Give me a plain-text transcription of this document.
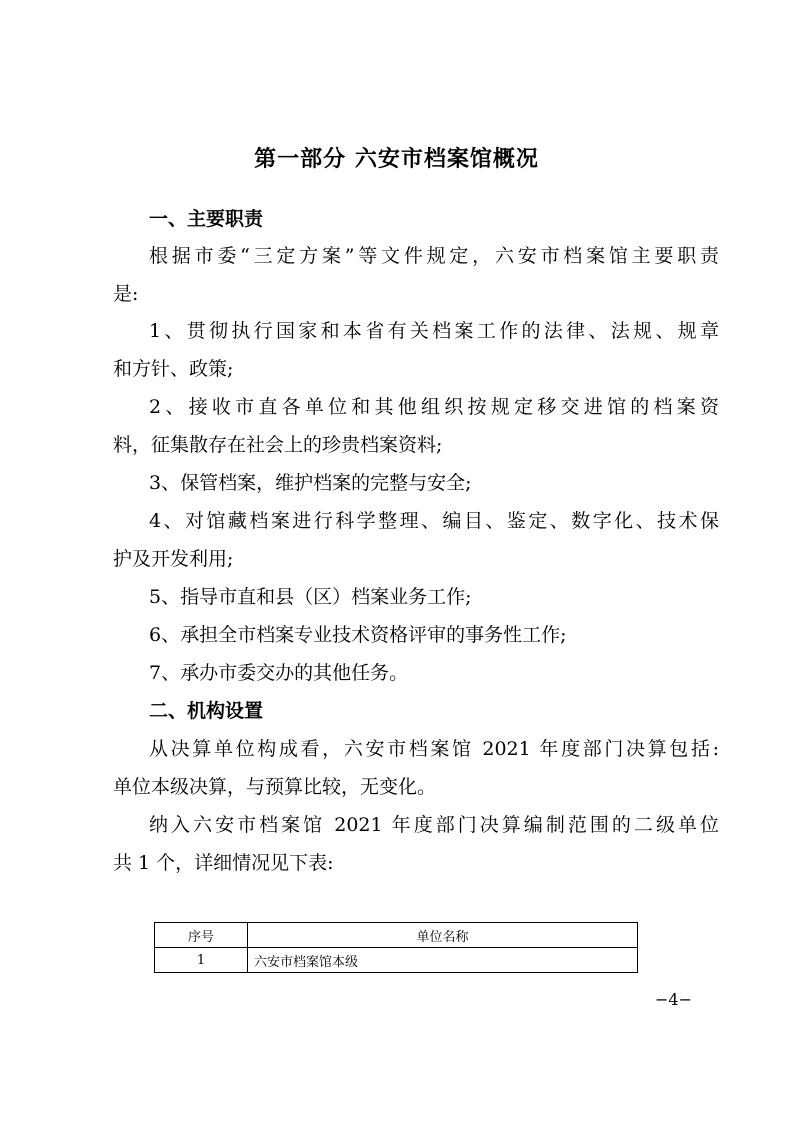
第一部分 六安市档案馆概况
一、主要职责
根据市委“三定方案”等文件规定，六安市档案馆主要职责
是:
1、贯彻执行国家和本省有关档案工作的法律、法规、规章
和方针、政策;
2、接收市直各单位和其他组织按规定移交进馆的档案资
料，征集散存在社会上的珍贵档案资料;
3、保管档案，维护档案的完整与安全;
4、对馆藏档案进行科学整理、编目、鉴定、数字化、技术保
护及开发利用;
5、指导市直和县（区）档案业务工作;
6、承担全市档案专业技术资格评审的事务性工作;
7、承办市委交办的其他任务。
二、机构设置
从决算单位构成看，六安市档案馆 2021 年度部门决算包括:
单位本级决算，与预算比较，无变化。
纳入六安市档案馆 2021 年度部门决算编制范围的二级单位
共 1 个，详细情况见下表:
序号	单位名称
1	六安市档案馆本级
−4−
